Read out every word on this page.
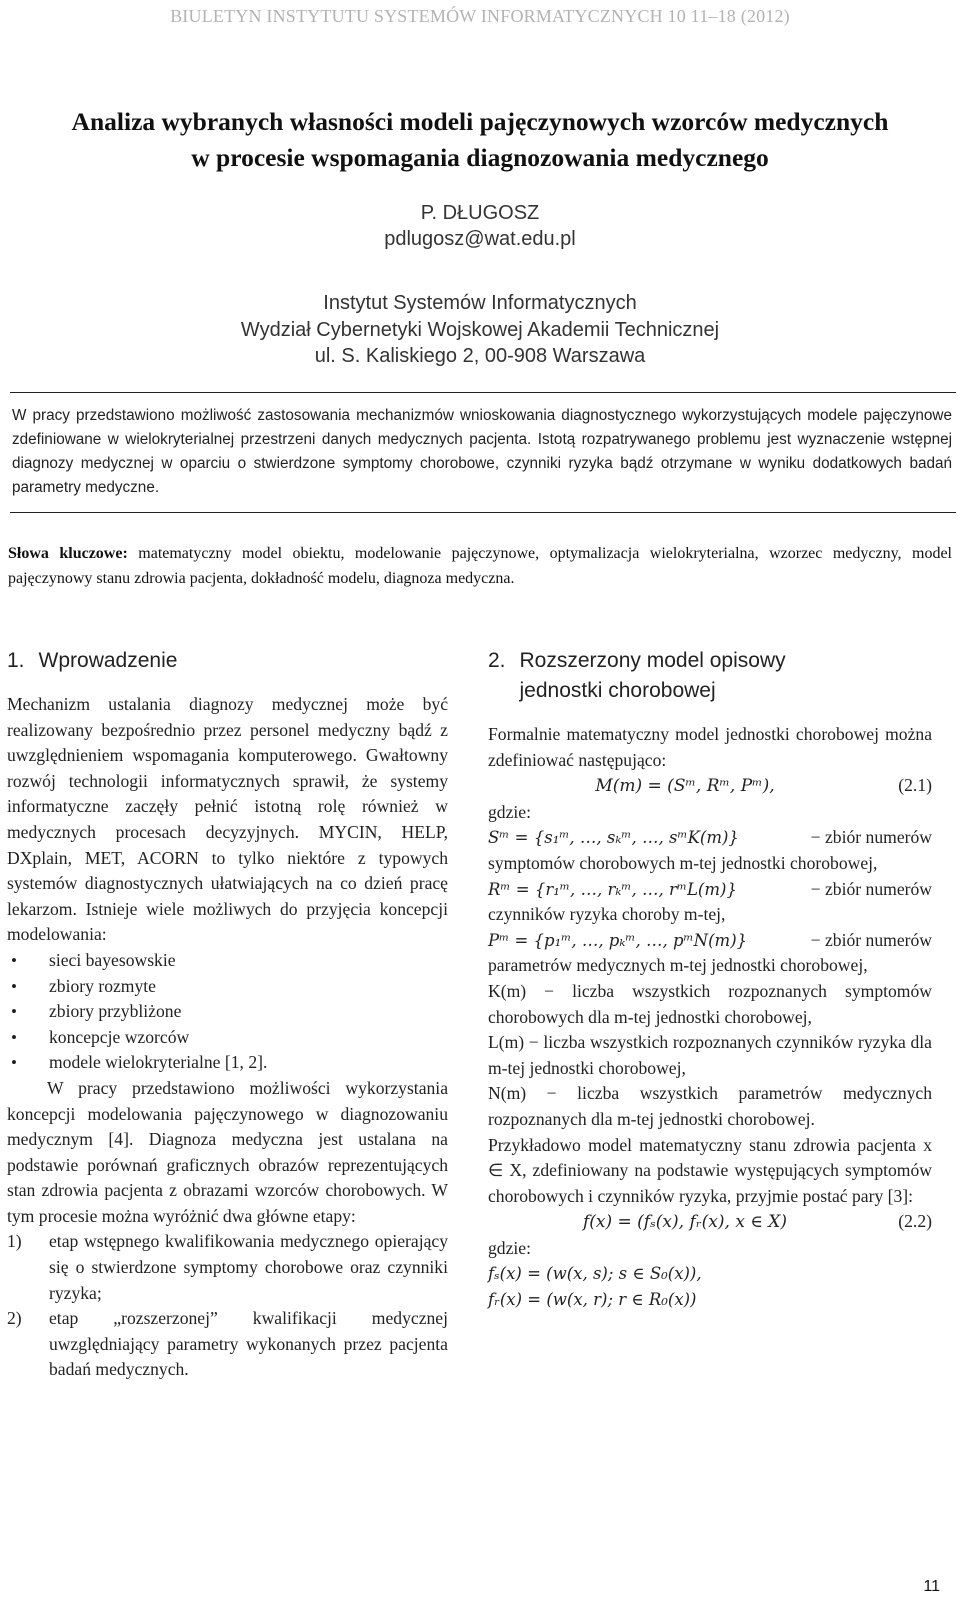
BIULETYN INSTYTUTU SYSTEMÓW INFORMATYCZNYCH 10 11–18 (2012)
Analiza wybranych własności modeli pajęczynowych wzorców medycznych
w procesie wspomagania diagnozowania medycznego
P. DŁUGOSZ
pdlugosz@wat.edu.pl
Instytut Systemów Informatycznych
Wydział Cybernetyki Wojskowej Akademii Technicznej
ul. S. Kaliskiego 2, 00-908 Warszawa
W pracy przedstawiono możliwość zastosowania mechanizmów wnioskowania diagnostycznego wykorzystujących modele pajęczynowe zdefiniowane w wielokryterialnej przestrzeni danych medycznych pacjenta. Istotą rozpatrywanego problemu jest wyznaczenie wstępnej diagnozy medycznej w oparciu o stwierdzone symptomy chorobowe, czynniki ryzyka bądź otrzymane w wyniku dodatkowych badań parametry medyczne.
Słowa kluczowe: matematyczny model obiektu, modelowanie pajęczynowe, optymalizacja wielokryterialna, wzorzec medyczny, model pajęczynowy stanu zdrowia pacjenta, dokładność modelu, diagnoza medyczna.
1. Wprowadzenie

Mechanizm ustalania diagnozy medycznej może być realizowany bezpośrednio przez personel medyczny bądź z uwzględnieniem wspomagania komputerowego. Gwałtowny rozwój technologii informatycznych sprawił, że systemy informatyczne zaczęły pełnić istotną rolę również w medycznych procesach decyzyjnych. MYCIN, HELP, DXplain, MET, ACORN to tylko niektóre z typowych systemów diagnostycznych ułatwiających na co dzień pracę lekarzom. Istnieje wiele możliwych do przyjęcia koncepcji modelowania:

• sieci bayesowskie
• zbiory rozmyte
• zbiory przybliżone
• koncepcje wzorców
• modele wielokryterialne [1, 2].

W pracy przedstawiono możliwości wykorzystania koncepcji modelowania pajęczynowego w diagnozowaniu medycznym [4]. Diagnoza medyczna jest ustalana na podstawie porównań graficznych obrazów reprezentujących stan zdrowia pacjenta z obrazami wzorców chorobowych. W tym procesie można wyróżnić dwa główne etapy:

1)	etap wstępnego kwalifikowania medycznego opierający się o stwierdzone symptomy chorobowe oraz czynniki ryzyka;
2)	etap „rozszerzonej” kwalifikacji medycznej uwzględniający parametry wykonanych przez pacjenta badań medycznych.
2. Rozszerzony model opisowy
jednostki chorobowej

Formalnie matematyczny model jednostki chorobowej można zdefiniować następująco:

M(m) = (Sᵐ, Rᵐ, Pᵐ),	(2.1)

gdzie:

Sᵐ = {s₁ᵐ, …, sₖᵐ, …, sᵐK(m)}	− zbiór numerów

symptomów chorobowych m-tej jednostki chorobowej,

Rᵐ = {r₁ᵐ, …, rₖᵐ, …, rᵐL(m)}	− zbiór numerów

czynników ryzyka choroby m-tej,

Pᵐ = {p₁ᵐ, …, pₖᵐ, …, pᵐN(m)}	− zbiór numerów

parametrów medycznych m-tej jednostki chorobowej,

K(m) − liczba wszystkich rozpoznanych symptomów chorobowych dla m-tej jednostki chorobowej,

L(m) − liczba wszystkich rozpoznanych czynników ryzyka dla m-tej jednostki chorobowej,

N(m) − liczba wszystkich parametrów medycznych rozpoznanych dla m-tej jednostki chorobowej.

Przykładowo model matematyczny stanu zdrowia pacjenta x ∈ X, zdefiniowany na podstawie występujących symptomów chorobowych i czynników ryzyka, przyjmie postać pary [3]:

f(x) = (fₛ(x), fᵣ(x), x ∈ X)	(2.2)

gdzie:

fₛ(x) = (w(x, s); s ∈ S₀(x)),

fᵣ(x) = (w(x, r); r ∈ R₀(x))

11
